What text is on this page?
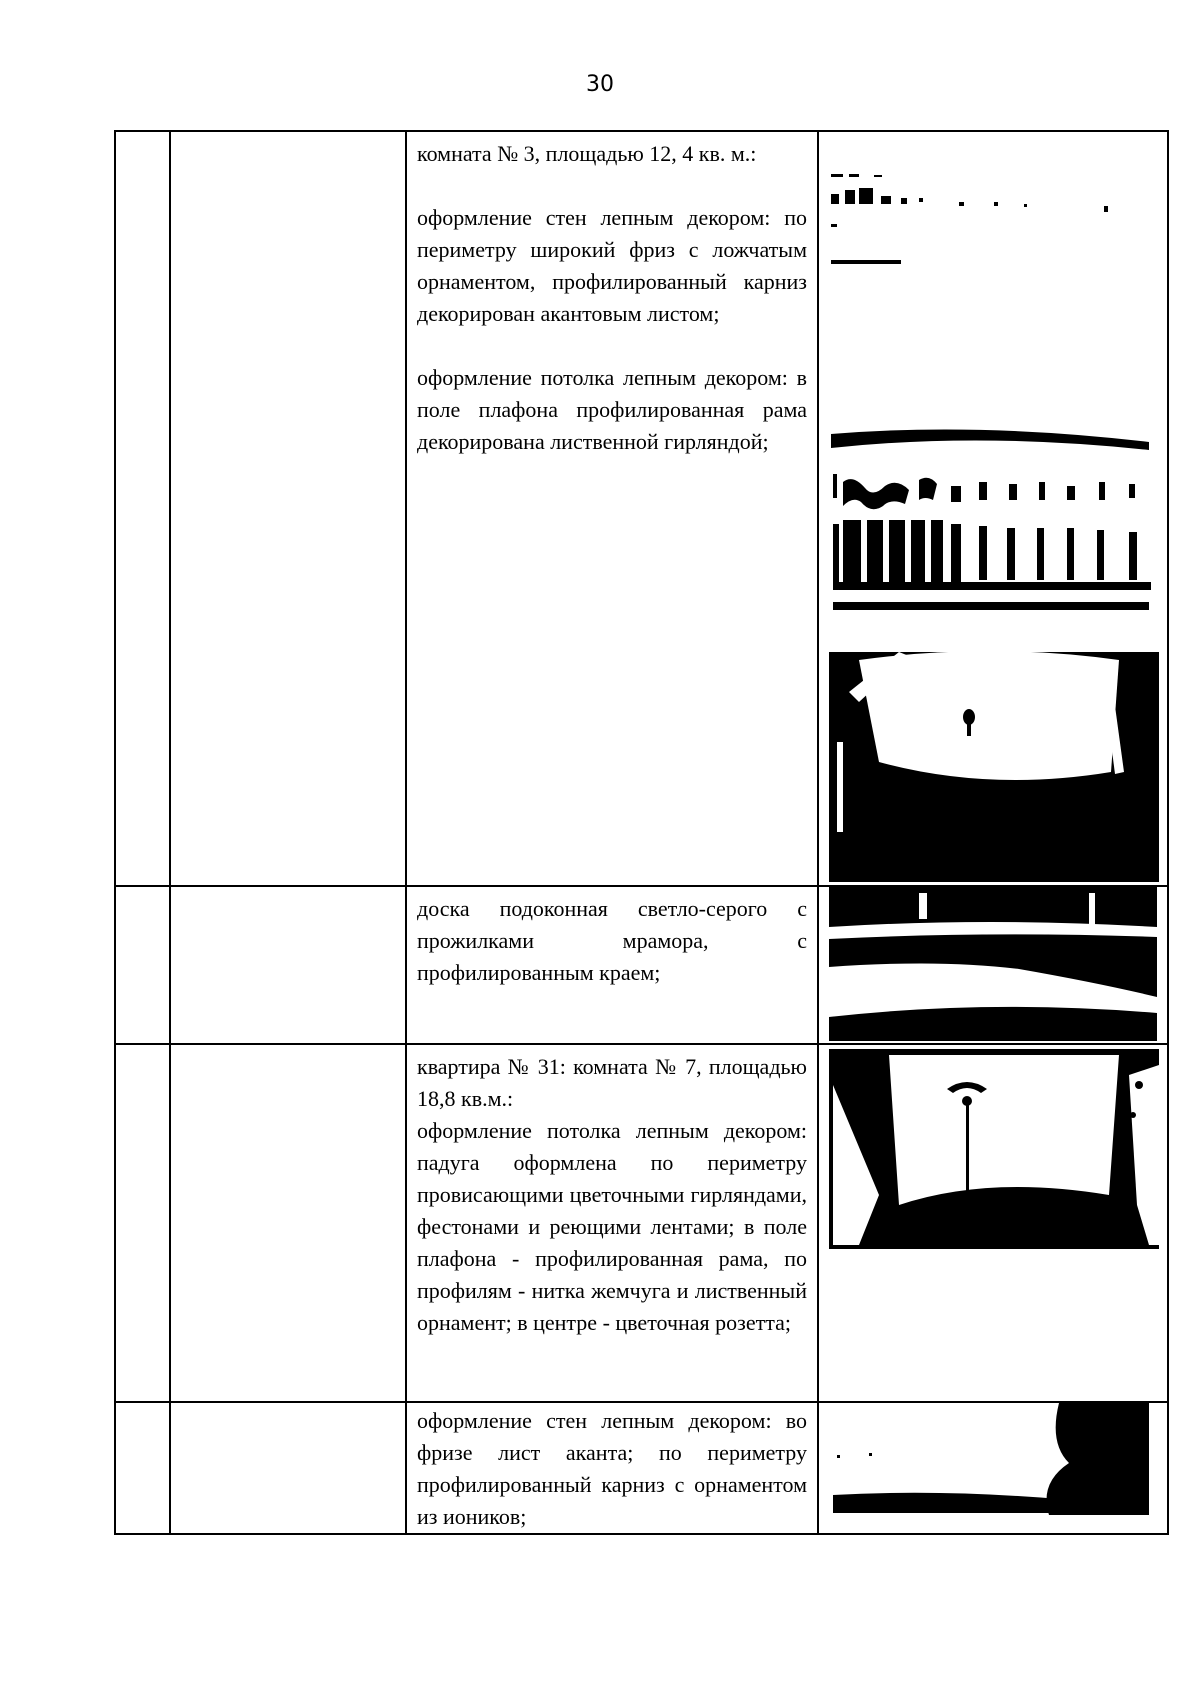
30

		комната № 3, площадью 12, 4 кв. м.:

оформление стен лепным декором: по периметру широкий фриз с ложчатым орнаментом, профилированный карниз декорирован акантовым листом;

оформление потолка лепным декором: в поле плафона профилированная рама декорирована лиственной гирляндой;

		доска подоконная светло-серого с прожилками мрамора, с профилированным краем;

		квартира № 31: комната № 7, площадью 18,8 кв.м.:

оформление потолка лепным декором: падуга оформлена по периметру провисающими цветочными гирляндами, фестонами и реющими лентами; в поле плафона - профилированная рама, по профилям - нитка жемчуга и лиственный орнамент; в центре - цветочная розетта;

		оформление стен лепным декором: во фризе лист аканта; по периметру профилированный карниз с орнаментом из иоников;
